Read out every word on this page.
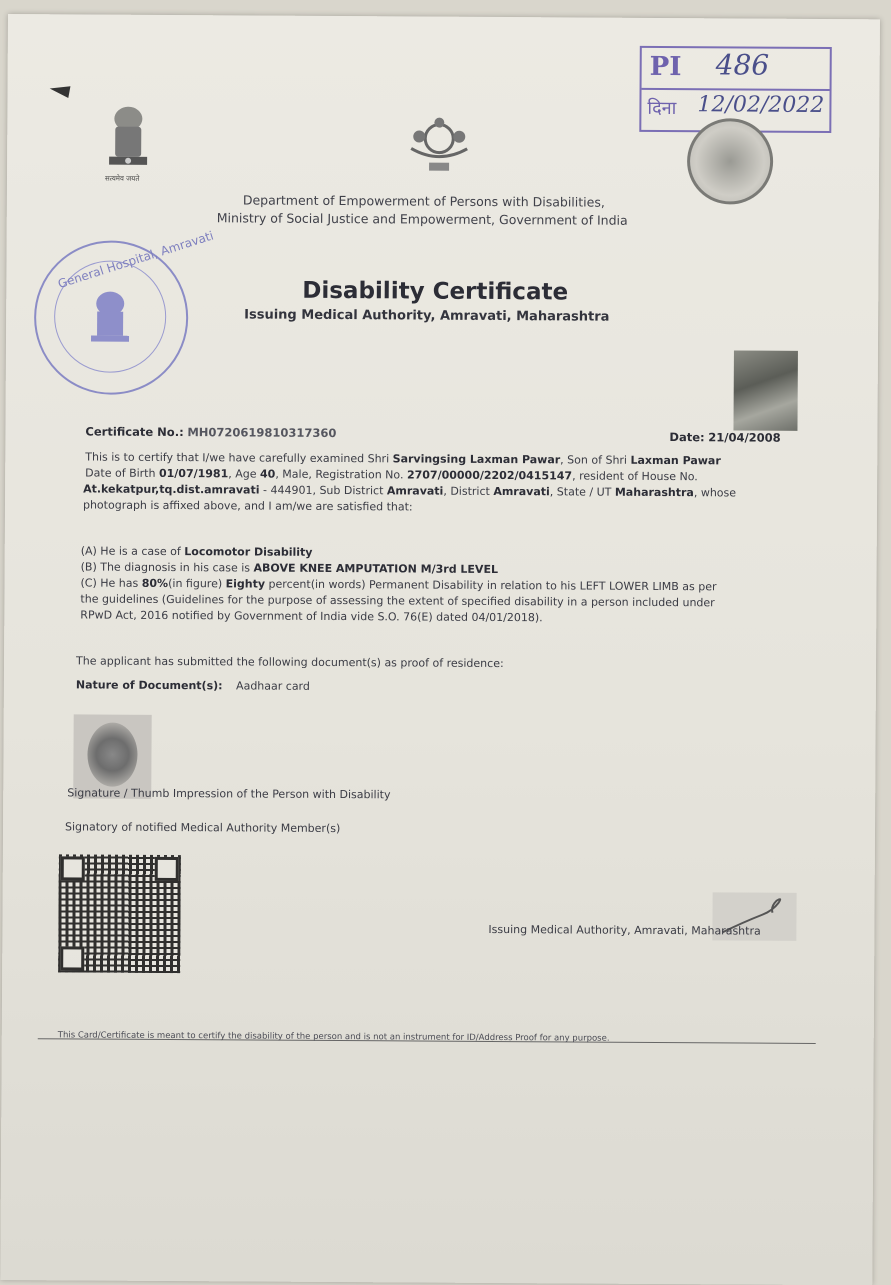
PI 486
दिना 12/02/2022
सत्यमेव जयते
Department of Empowerment of Persons with Disabilities,
Ministry of Social Justice and Empowerment, Government of India
General Hospital, Amravati
Disability Certificate
Issuing Medical Authority, Amravati, Maharashtra
Certificate No.: MH0720619810317360	Date: 21/04/2008
This is to certify that I/we have carefully examined Shri Sarvingsing Laxman Pawar, Son of Shri Laxman Pawar
Date of Birth 01/07/1981, Age 40, Male, Registration No. 2707/00000/2202/0415147, resident of House No.
At.kekatpur,tq.dist.amravati - 444901, Sub District Amravati, District Amravati, State / UT Maharashtra, whose
photograph is affixed above, and I am/we are satisfied that:
(A) He is a case of Locomotor Disability
(B) The diagnosis in his case is ABOVE KNEE AMPUTATION M/3rd LEVEL
(C) He has 80%(in figure) Eighty percent(in words) Permanent Disability in relation to his LEFT LOWER LIMB as per
the guidelines (Guidelines for the purpose of assessing the extent of specified disability in a person included under
RPwD Act, 2016 notified by Government of India vide S.O. 76(E) dated 04/01/2018).
The applicant has submitted the following document(s) as proof of residence:
Nature of Document(s): Aadhaar card
Signature / Thumb Impression of the Person with Disability
Signatory of notified Medical Authority Member(s)
Issuing Medical Authority, Amravati, Maharashtra
This Card/Certificate is meant to certify the disability of the person and is not an instrument for ID/Address Proof for any purpose.
